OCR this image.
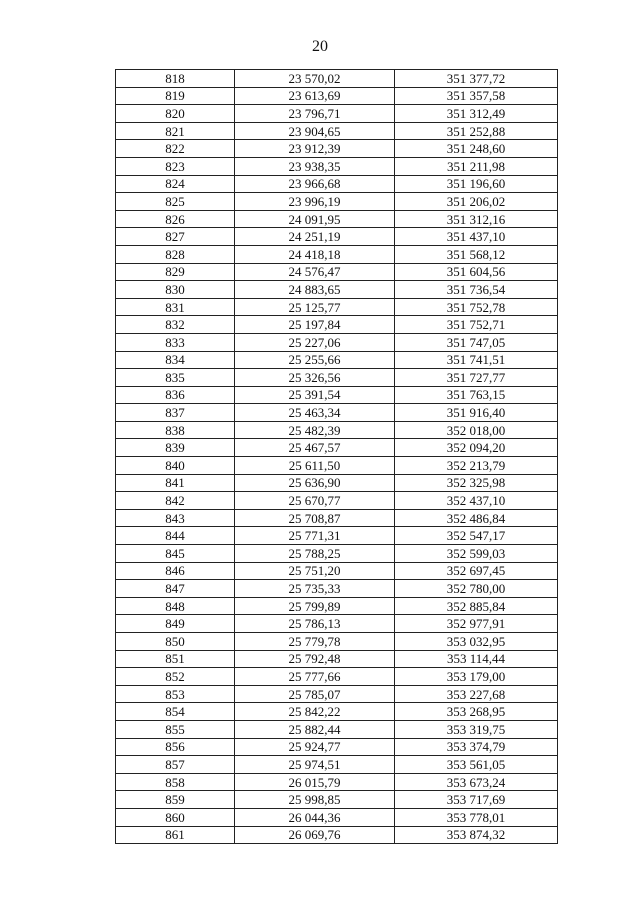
20
818	23 570,02	351 377,72
819	23 613,69	351 357,58
820	23 796,71	351 312,49
821	23 904,65	351 252,88
822	23 912,39	351 248,60
823	23 938,35	351 211,98
824	23 966,68	351 196,60
825	23 996,19	351 206,02
826	24 091,95	351 312,16
827	24 251,19	351 437,10
828	24 418,18	351 568,12
829	24 576,47	351 604,56
830	24 883,65	351 736,54
831	25 125,77	351 752,78
832	25 197,84	351 752,71
833	25 227,06	351 747,05
834	25 255,66	351 741,51
835	25 326,56	351 727,77
836	25 391,54	351 763,15
837	25 463,34	351 916,40
838	25 482,39	352 018,00
839	25 467,57	352 094,20
840	25 611,50	352 213,79
841	25 636,90	352 325,98
842	25 670,77	352 437,10
843	25 708,87	352 486,84
844	25 771,31	352 547,17
845	25 788,25	352 599,03
846	25 751,20	352 697,45
847	25 735,33	352 780,00
848	25 799,89	352 885,84
849	25 786,13	352 977,91
850	25 779,78	353 032,95
851	25 792,48	353 114,44
852	25 777,66	353 179,00
853	25 785,07	353 227,68
854	25 842,22	353 268,95
855	25 882,44	353 319,75
856	25 924,77	353 374,79
857	25 974,51	353 561,05
858	26 015,79	353 673,24
859	25 998,85	353 717,69
860	26 044,36	353 778,01
861	26 069,76	353 874,32
